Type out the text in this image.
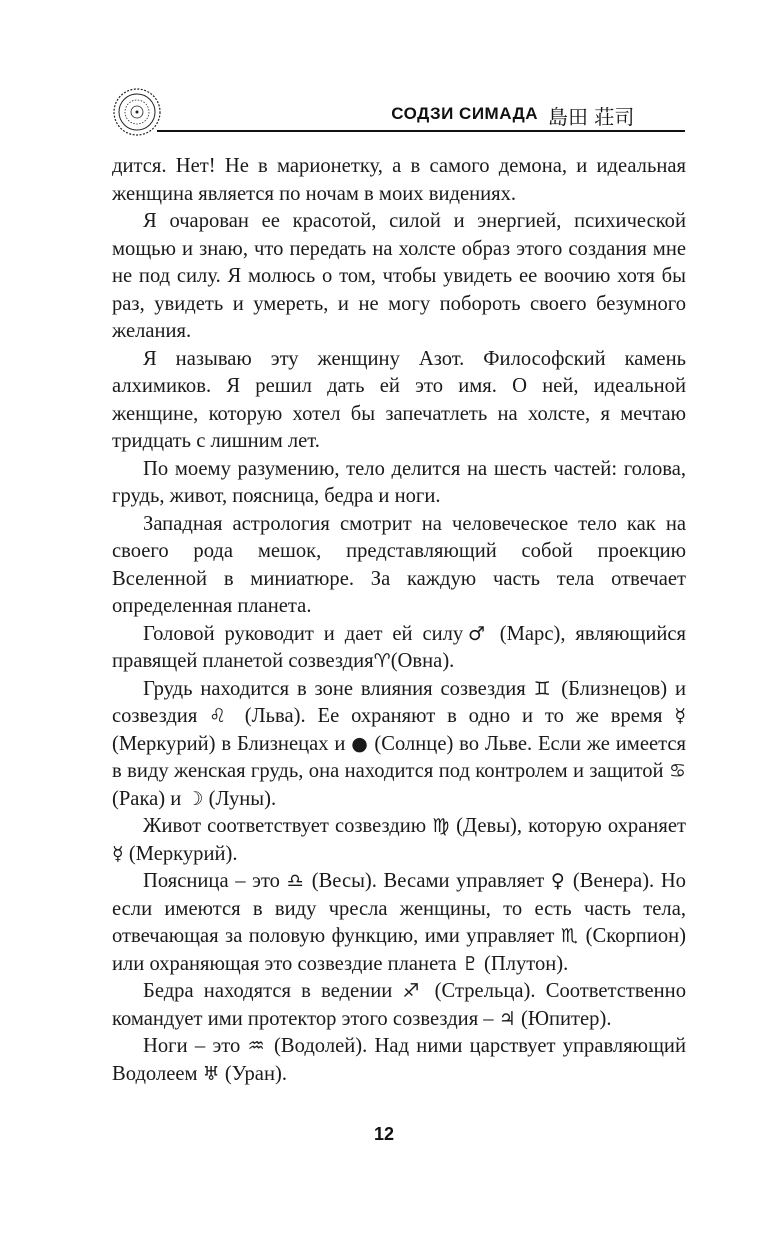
СОДЗИ СИМАДА 島田 荘司

дится. Нет! Не в марионетку, а в самого демона, и идеальная женщина является по ночам в моих видениях.

Я очарован ее красотой, силой и энергией, психической мощью и знаю, что передать на холсте образ этого создания мне не под силу. Я молюсь о том, чтобы увидеть ее воочию хотя бы раз, увидеть и умереть, и не могу побороть своего безумного желания.

Я называю эту женщину Азот. Философский камень алхимиков. Я решил дать ей это имя. О ней, идеальной женщине, которую хотел бы запечатлеть на холсте, я мечтаю тридцать с лишним лет.

По моему разумению, тело делится на шесть частей: голова, грудь, живот, поясница, бедра и ноги.

Западная астрология смотрит на человеческое тело как на своего рода мешок, представляющий собой проекцию Вселенной в миниатюре. За каждую часть тела отвечает определенная планета.

Головой руководит и дает ей силу♂ (Марс), являющийся правящей планетой созвездия♈(Овна).

Грудь находится в зоне влияния созвездия ♊ (Близнецов) и созвездия ♌ (Льва). Ее охраняют в одно и то же время ☿ (Меркурий) в Близнецах и ● (Солнце) во Льве. Если же имеется в виду женская грудь, она находится под контролем и защитой ♋ (Рака) и ☽ (Луны).

Живот соответствует созвездию ♍ (Девы), которую охраняет ☿ (Меркурий).

Поясница – это ♎ (Весы). Весами управляет ♀ (Венера). Но если имеются в виду чресла женщины, то есть часть тела, отвечающая за половую функцию, ими управляет ♏ (Скорпион) или охраняющая это созвездие планета ♇ (Плутон).

Бедра находятся в ведении ♐ (Стрельца). Соответственно командует ими протектор этого созвездия – ♃ (Юпитер).

Ноги – это ♒ (Водолей). Над ними царствует управляющий Водолеем ♅ (Уран).

12
